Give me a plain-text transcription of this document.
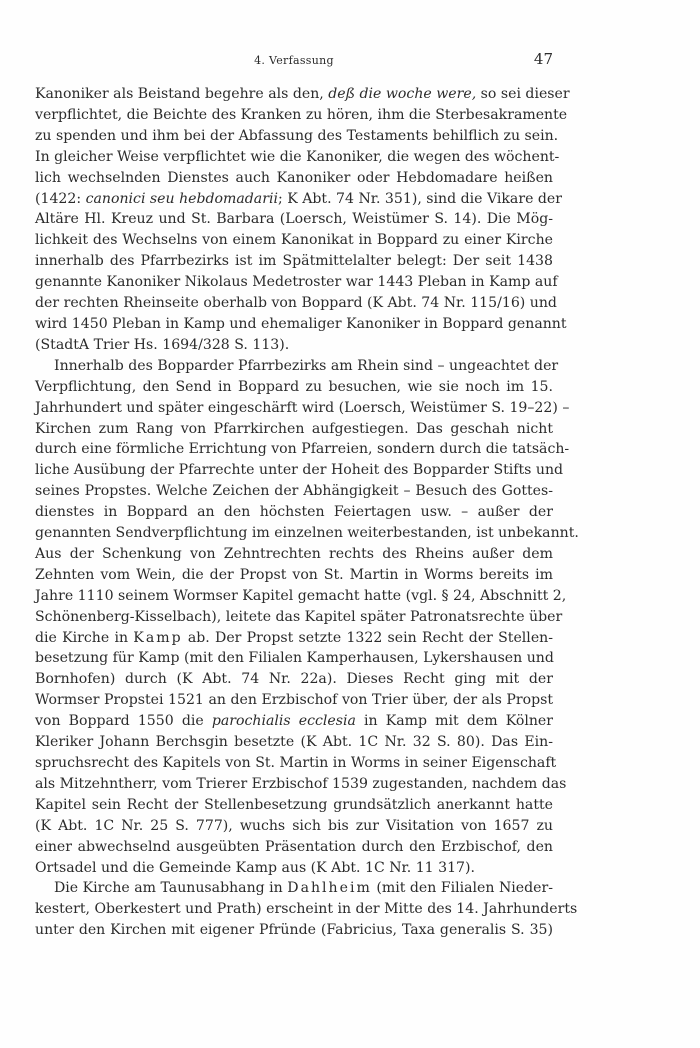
4. Verfassung	47
Kanoniker als Beistand begehre als den, deß die woche were, so sei dieser
verpflichtet, die Beichte des Kranken zu hören, ihm die Sterbesakramente
zu spenden und ihm bei der Abfassung des Testaments behilflich zu sein.
In gleicher Weise verpflichtet wie die Kanoniker, die wegen des wöchent-
lich wechselnden Dienstes auch Kanoniker oder Hebdomadare heißen
(1422: canonici seu hebdomadarii; K Abt. 74 Nr. 351), sind die Vikare der
Altäre Hl. Kreuz und St. Barbara (Loersch, Weistümer S. 14). Die Mög-
lichkeit des Wechselns von einem Kanonikat in Boppard zu einer Kirche
innerhalb des Pfarrbezirks ist im Spätmittelalter belegt: Der seit 1438
genannte Kanoniker Nikolaus Medetroster war 1443 Pleban in Kamp auf
der rechten Rheinseite oberhalb von Boppard (K Abt. 74 Nr. 115/16) und
wird 1450 Pleban in Kamp und ehemaliger Kanoniker in Boppard genannt
(StadtA Trier Hs. 1694/328 S. 113).
Innerhalb des Bopparder Pfarrbezirks am Rhein sind – ungeachtet der
Verpflichtung, den Send in Boppard zu besuchen, wie sie noch im 15.
Jahrhundert und später eingeschärft wird (Loersch, Weistümer S. 19–22) –
Kirchen zum Rang von Pfarrkirchen aufgestiegen. Das geschah nicht
durch eine förmliche Errichtung von Pfarreien, sondern durch die tatsäch-
liche Ausübung der Pfarrechte unter der Hoheit des Bopparder Stifts und
seines Propstes. Welche Zeichen der Abhängigkeit – Besuch des Gottes-
dienstes in Boppard an den höchsten Feiertagen usw. – außer der
genannten Sendverpflichtung im einzelnen weiterbestanden, ist unbekannt.
Aus der Schenkung von Zehntrechten rechts des Rheins außer dem
Zehnten vom Wein, die der Propst von St. Martin in Worms bereits im
Jahre 1110 seinem Wormser Kapitel gemacht hatte (vgl. § 24, Abschnitt 2,
Schönenberg-Kisselbach), leitete das Kapitel später Patronatsrechte über
die Kirche in Kamp ab. Der Propst setzte 1322 sein Recht der Stellen-
besetzung für Kamp (mit den Filialen Kamperhausen, Lykershausen und
Bornhofen) durch (K Abt. 74 Nr. 22a). Dieses Recht ging mit der
Wormser Propstei 1521 an den Erzbischof von Trier über, der als Propst
von Boppard 1550 die parochialis ecclesia in Kamp mit dem Kölner
Kleriker Johann Berchsgin besetzte (K Abt. 1C Nr. 32 S. 80). Das Ein-
spruchsrecht des Kapitels von St. Martin in Worms in seiner Eigenschaft
als Mitzehntherr, vom Trierer Erzbischof 1539 zugestanden, nachdem das
Kapitel sein Recht der Stellenbesetzung grundsätzlich anerkannt hatte
(K Abt. 1C Nr. 25 S. 777), wuchs sich bis zur Visitation von 1657 zu
einer abwechselnd ausgeübten Präsentation durch den Erzbischof, den
Ortsadel und die Gemeinde Kamp aus (K Abt. 1C Nr. 11 317).
Die Kirche am Taunusabhang in Dahlheim (mit den Filialen Nieder-
kestert, Oberkestert und Prath) erscheint in der Mitte des 14. Jahrhunderts
unter den Kirchen mit eigener Pfründe (Fabricius, Taxa generalis S. 35)
